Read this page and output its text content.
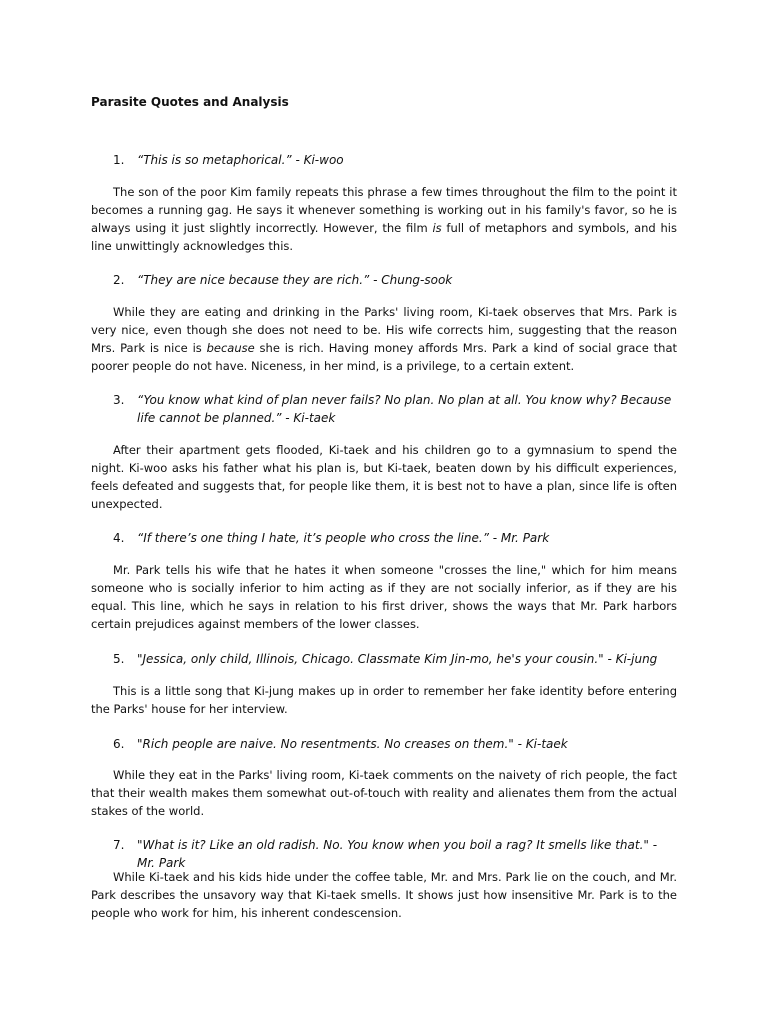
Parasite Quotes and Analysis
1.	“This is so metaphorical.” - Ki-woo
The son of the poor Kim family repeats this phrase a few times throughout the film to the point it becomes a running gag. He says it whenever something is working out in his family's favor, so he is always using it just slightly incorrectly. However, the film is full of metaphors and symbols, and his line unwittingly acknowledges this.
2.	“They are nice because they are rich.” - Chung-sook
While they are eating and drinking in the Parks' living room, Ki-taek observes that Mrs. Park is very nice, even though she does not need to be. His wife corrects him, suggesting that the reason Mrs. Park is nice is because she is rich. Having money affords Mrs. Park a kind of social grace that poorer people do not have. Niceness, in her mind, is a privilege, to a certain extent.
3.	“You know what kind of plan never fails? No plan. No plan at all. You know why? Because life cannot be planned.” - Ki-taek
After their apartment gets flooded, Ki-taek and his children go to a gymnasium to spend the night. Ki-woo asks his father what his plan is, but Ki-taek, beaten down by his difficult experiences, feels defeated and suggests that, for people like them, it is best not to have a plan, since life is often unexpected.
4.	“If there’s one thing I hate, it’s people who cross the line.” - Mr. Park
Mr. Park tells his wife that he hates it when someone "crosses the line," which for him means someone who is socially inferior to him acting as if they are not socially inferior, as if they are his equal. This line, which he says in relation to his first driver, shows the ways that Mr. Park harbors certain prejudices against members of the lower classes.
5.	"Jessica, only child, Illinois, Chicago. Classmate Kim Jin-mo, he's your cousin." - Ki-jung
This is a little song that Ki-jung makes up in order to remember her fake identity before entering the Parks' house for her interview.
6.	"Rich people are naive. No resentments. No creases on them." - Ki-taek
While they eat in the Parks' living room, Ki-taek comments on the naivety of rich people, the fact that their wealth makes them somewhat out-of-touch with reality and alienates them from the actual stakes of the world.
7.	"What is it? Like an old radish. No. You know when you boil a rag? It smells like that." - Mr. Park
While Ki-taek and his kids hide under the coffee table, Mr. and Mrs. Park lie on the couch, and Mr. Park describes the unsavory way that Ki-taek smells. It shows just how insensitive Mr. Park is to the people who work for him, his inherent condescension.
